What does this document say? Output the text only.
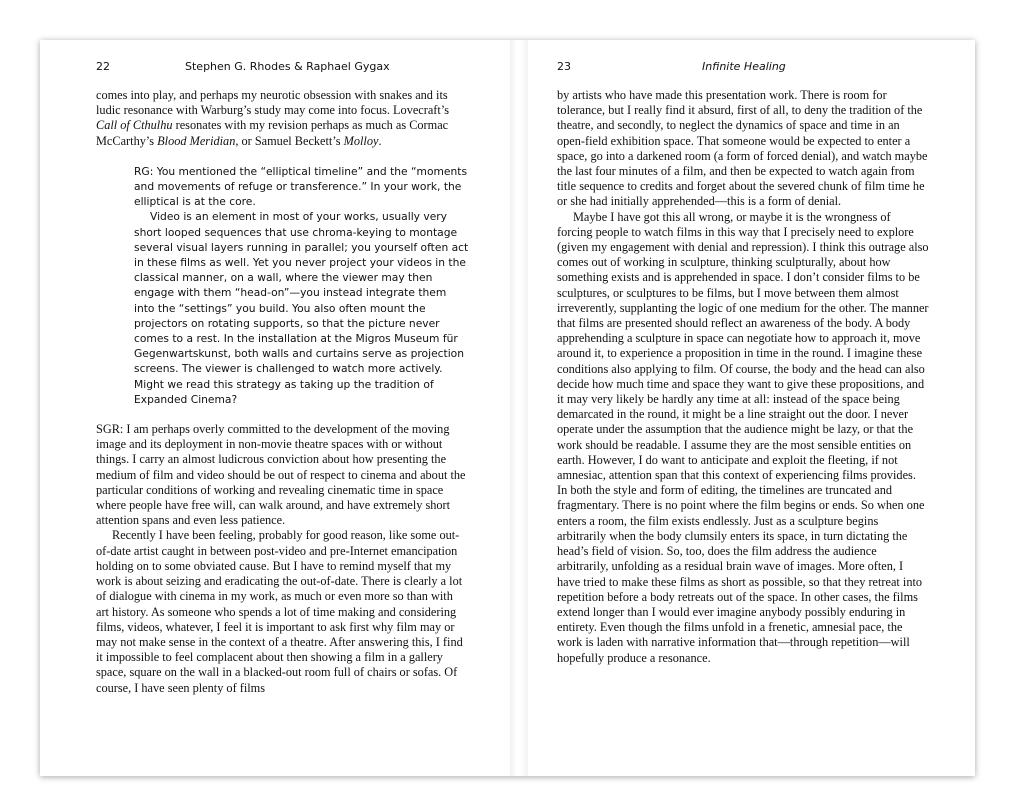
22	Stephen G. Rhodes & Raphael Gygax	23	Infinite Healing

comes into play, and perhaps my neurotic obsession with snakes and its ludic resonance with Warburg’s study may come into focus. Lovecraft’s Call of Cthulhu resonates with my revision perhaps as much as Cormac McCarthy’s Blood Meridian, or Samuel Beckett’s Molloy.

RG: You mentioned the “elliptical timeline” and the “moments and movements of refuge or transference.” In your work, the elliptical is at the core.

Video is an element in most of your works, usually very short looped sequences that use chroma-keying to montage several visual layers running in parallel; you yourself often act in these films as well. Yet you never project your videos in the classical manner, on a wall, where the viewer may then engage with them “head-on”—you instead integrate them into the “settings” you build. You also often mount the projectors on rotating supports, so that the picture never comes to a rest. In the installation at the Migros Museum für Gegenwartskunst, both walls and curtains serve as projection screens. The viewer is challenged to watch more actively. Might we read this strategy as taking up the tradition of Expanded Cinema?

SGR: I am perhaps overly committed to the development of the moving image and its deployment in non-movie theatre spaces with or without things. I carry an almost ludicrous conviction about how presenting the medium of film and video should be out of respect to cinema and about the particular conditions of working and revealing cinematic time in space where people have free will, can walk around, and have extremely short attention spans and even less patience.

Recently I have been feeling, probably for good reason, like some out-of-date artist caught in between post-video and pre-Internet emancipation holding on to some obviated cause. But I have to remind myself that my work is about seizing and eradicating the out-of-date. There is clearly a lot of dialogue with cinema in my work, as much or even more so than with art history. As someone who spends a lot of time making and considering films, videos, whatever, I feel it is important to ask first why film may or may not make sense in the context of a theatre. After answering this, I find it impossible to feel complacent about then showing a film in a gallery space, square on the wall in a blacked-out room full of chairs or sofas. Of course, I have seen plenty of films

by artists who have made this presentation work. There is room for tolerance, but I really find it absurd, first of all, to deny the tradition of the theatre, and secondly, to neglect the dynamics of space and time in an open-field exhibition space. That someone would be expected to enter a space, go into a darkened room (a form of forced denial), and watch maybe the last four minutes of a film, and then be expected to watch again from title sequence to credits and forget about the severed chunk of film time he or she had initially apprehended—this is a form of denial.

Maybe I have got this all wrong, or maybe it is the wrongness of forcing people to watch films in this way that I precisely need to explore (given my engagement with denial and repression). I think this outrage also comes out of working in sculpture, thinking sculpturally, about how something exists and is apprehended in space. I don’t consider films to be sculptures, or sculptures to be films, but I move between them almost irreverently, supplanting the logic of one medium for the other. The manner that films are presented should reflect an awareness of the body. A body apprehending a sculpture in space can negotiate how to approach it, move around it, to experience a proposition in time in the round. I imagine these conditions also applying to film. Of course, the body and the head can also decide how much time and space they want to give these propositions, and it may very likely be hardly any time at all: instead of the space being demarcated in the round, it might be a line straight out the door. I never operate under the assumption that the audience might be lazy, or that the work should be readable. I assume they are the most sensible entities on earth. However, I do want to anticipate and exploit the fleeting, if not amnesiac, attention span that this context of experiencing films provides. In both the style and form of editing, the timelines are truncated and fragmentary. There is no point where the film begins or ends. So when one enters a room, the film exists endlessly. Just as a sculpture begins arbitrarily when the body clumsily enters its space, in turn dictating the head’s field of vision. So, too, does the film address the audience arbitrarily, unfolding as a residual brain wave of images. More often, I have tried to make these films as short as possible, so that they retreat into repetition before a body retreats out of the space. In other cases, the films extend longer than I would ever imagine anybody possibly enduring in entirety. Even though the films unfold in a frenetic, amnesial pace, the work is laden with narrative information that—through repetition—will hopefully produce a resonance.
